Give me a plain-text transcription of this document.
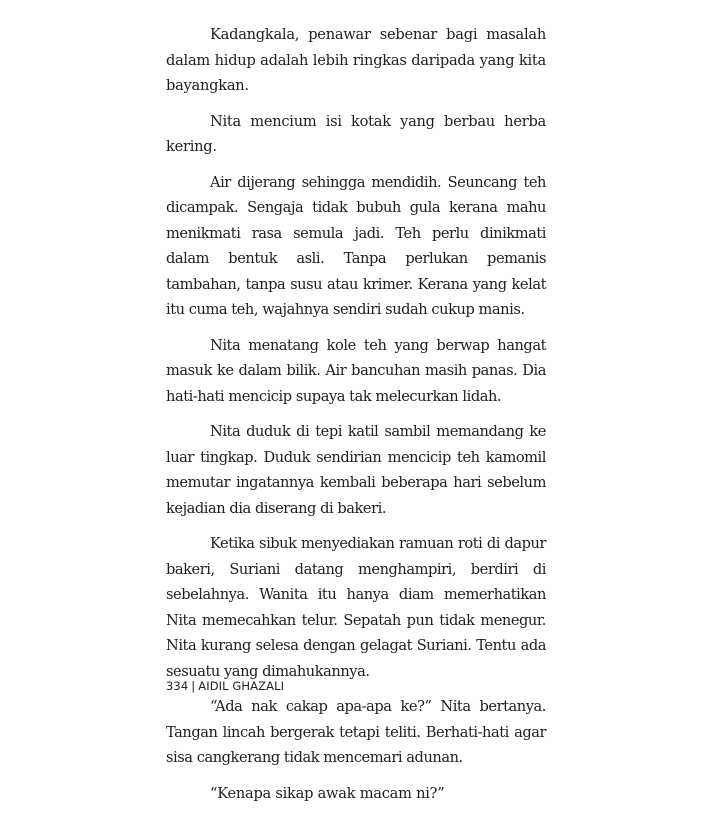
Kadangkala, penawar sebenar bagi masalah dalam hidup adalah lebih ringkas daripada yang kita bayangkan.

Nita mencium isi kotak yang berbau herba kering.

Air dijerang sehingga mendidih. Seuncang teh dicampak. Sengaja tidak bubuh gula kerana mahu menikmati rasa semula jadi. Teh perlu dinikmati dalam bentuk asli. Tanpa perlukan pemanis tambahan, tanpa susu atau krimer. Kerana yang kelat itu cuma teh, wajahnya sendiri sudah cukup manis.

Nita menatang kole teh yang berwap hangat masuk ke dalam bilik. Air bancuhan masih panas. Dia hati-hati mencicip supaya tak melecurkan lidah.

Nita duduk di tepi katil sambil memandang ke luar tingkap. Duduk sendirian mencicip teh kamomil memutar ingatannya kembali beberapa hari sebelum kejadian dia diserang di bakeri.

Ketika sibuk menyediakan ramuan roti di dapur bakeri, Suriani datang menghampiri, berdiri di sebelahnya. Wanita itu hanya diam memerhatikan Nita memecahkan telur. Sepatah pun tidak menegur. Nita kurang selesa dengan gelagat Suriani. Tentu ada sesuatu yang dimahukannya.

“Ada nak cakap apa-apa ke?” Nita bertanya. Tangan lincah bergerak tetapi teliti. Berhati-hati agar sisa cangkerang tidak mencemari adunan.

“Kenapa sikap awak macam ni?”

334 | AIDIL GHAZALI
